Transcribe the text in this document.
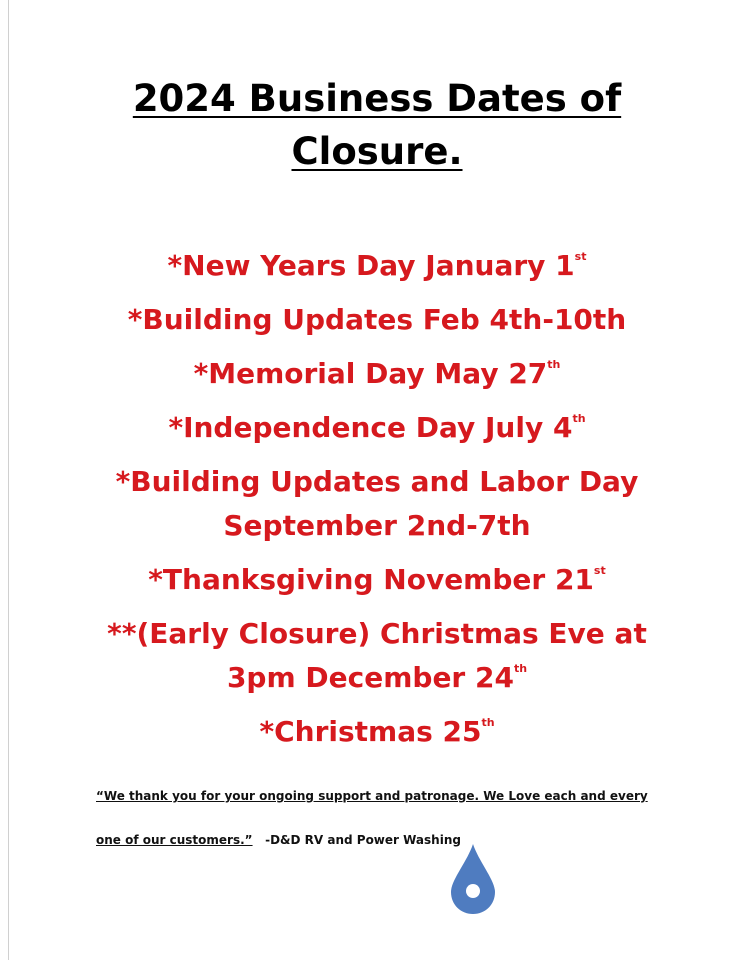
2024 Business Dates of
Closure.
*New Years Day January 1st
*Building Updates Feb 4th-10th
*Memorial Day May 27th
*Independence Day July 4th
*Building Updates and Labor Day
September 2nd-7th
*Thanksgiving November 21st
**(Early Closure) Christmas Eve at
3pm December 24th
*Christmas 25th
“We thank you for your ongoing support and patronage. We Love each and every
one of our customers.” -D&D RV and Power Washing
